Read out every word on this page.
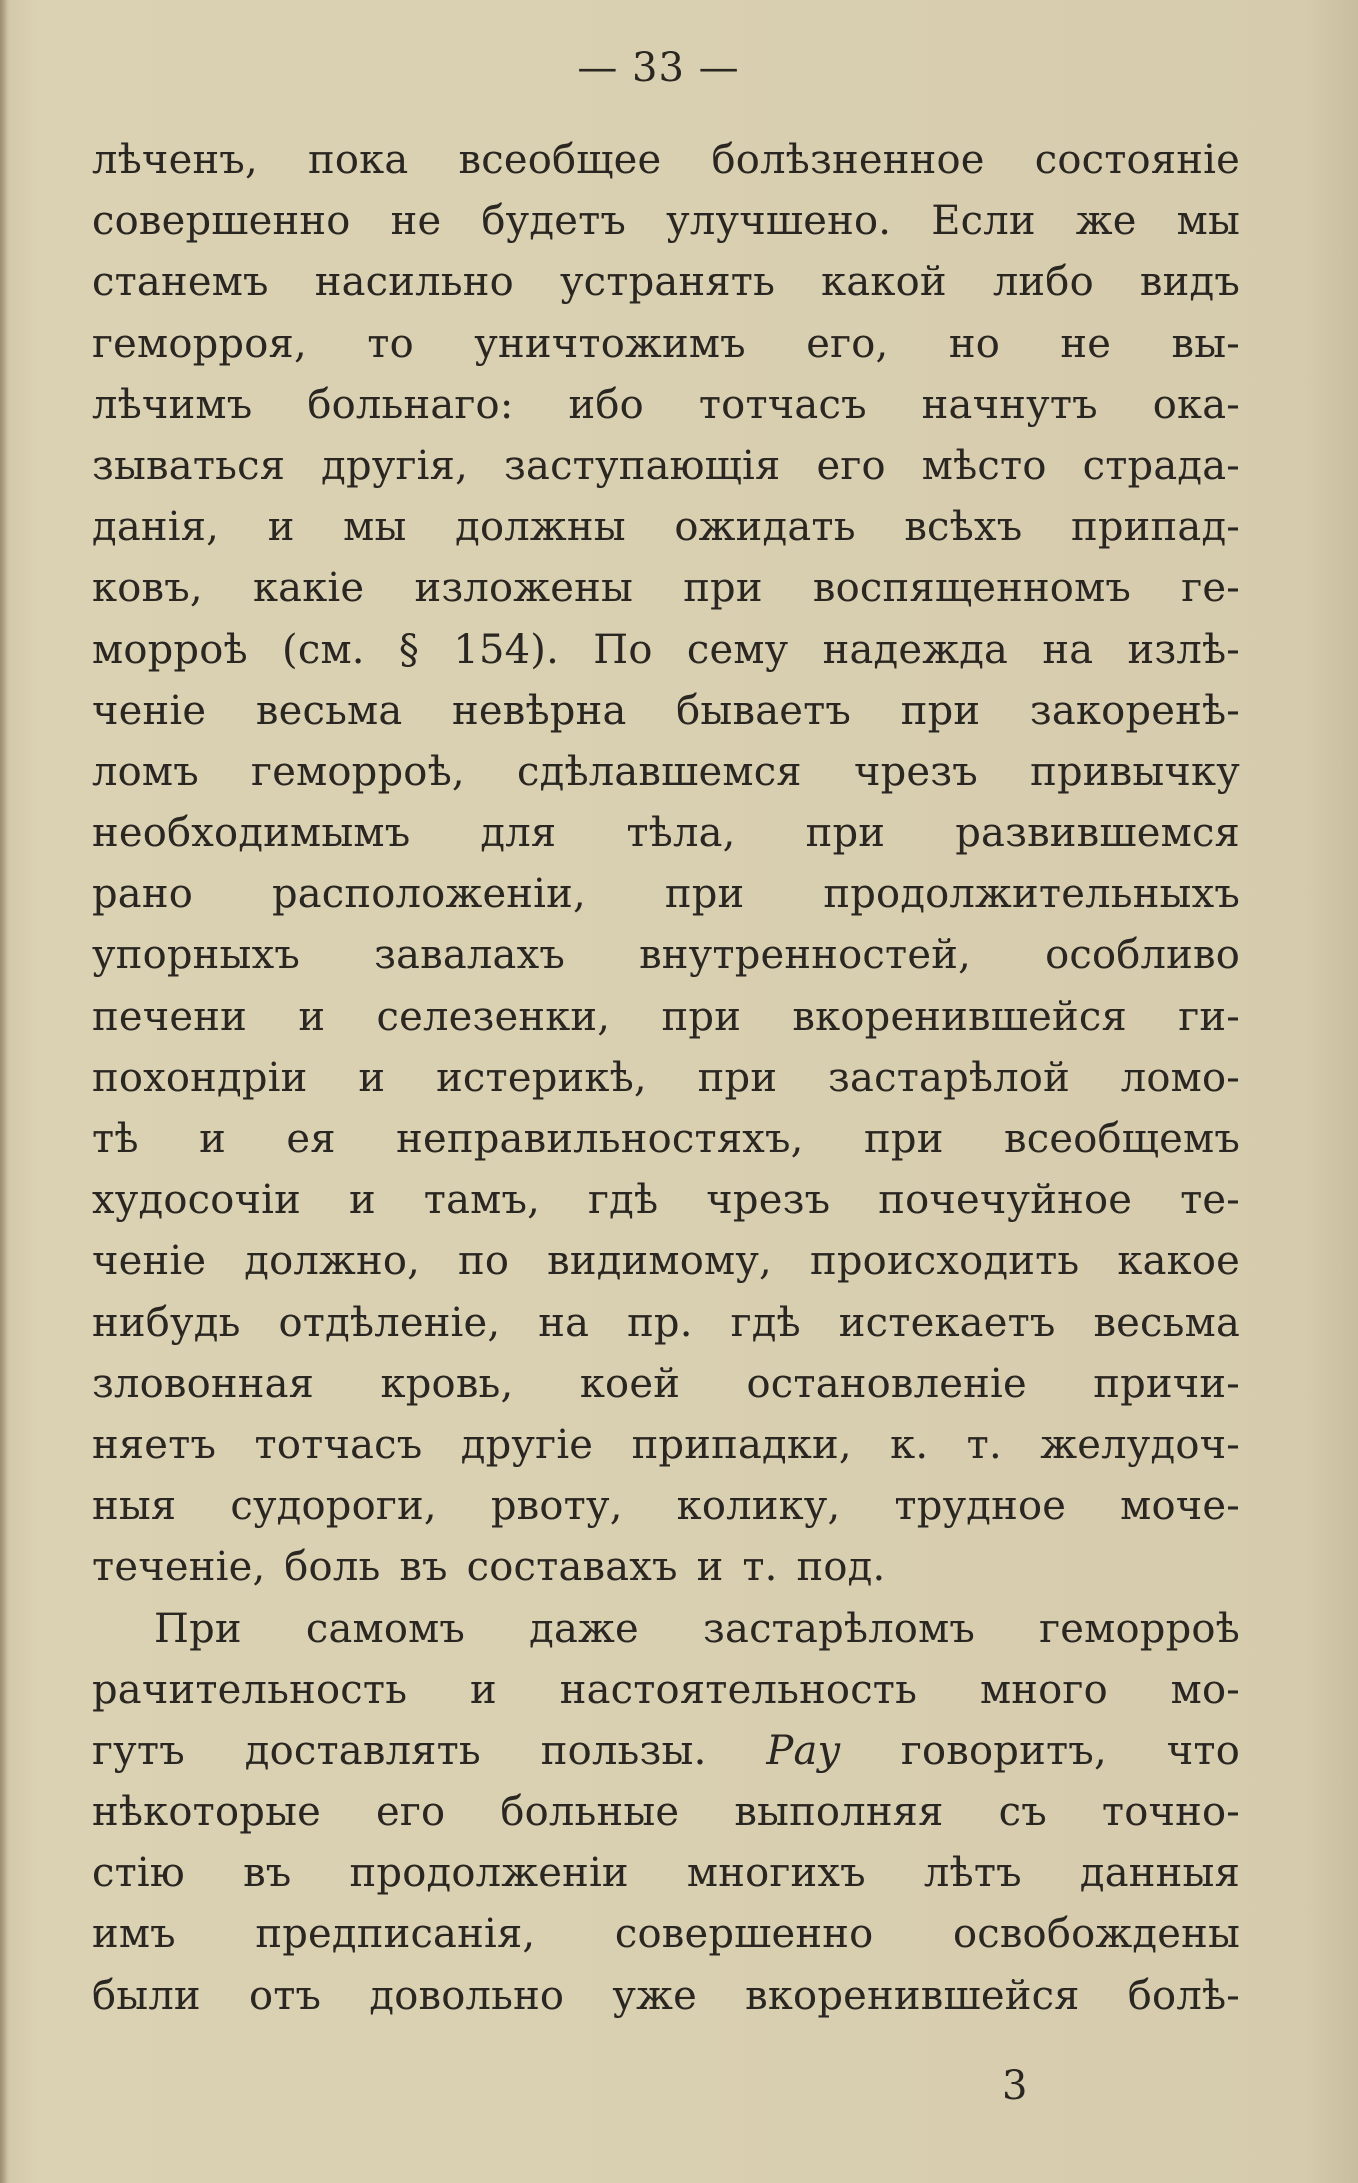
— 33 —
лѣченъ, пока всеобщее болѣзненное состояніе
совершенно не будетъ улучшено. Если же мы
станемъ насильно устранять какой либо видъ
геморроя, то уничтожимъ его, но не вы-
лѣчимъ больнаго: ибо тотчасъ начнутъ ока-
зываться другія, заступающія его мѣсто страда-
данія, и мы должны ожидать всѣхъ припад-
ковъ, какіе изложены при воспященномъ ге-
морроѣ (см. § 154). По сему надежда на излѣ-
ченіе весьма невѣрна бываетъ при закоренѣ-
ломъ геморроѣ, сдѣлавшемся чрезъ привычку
необходимымъ для тѣла, при развившемся
рано расположеніи, при продолжительныхъ
упорныхъ завалахъ внутренностей, особливо
печени и селезенки, при вкоренившейся ги-
похондріи и истерикѣ, при застарѣлой ломо-
тѣ и ея неправильностяхъ, при всеобщемъ
худосочіи и тамъ, гдѣ чрезъ почечуйное те-
ченіе должно, по видимому, происходить какое
нибудь отдѣленіе, на пр. гдѣ истекаетъ весьма
зловонная кровь, коей остановленіе причи-
няетъ тотчасъ другіе припадки, к. т. желудоч-
ныя судороги, рвоту, колику, трудное моче-
теченіе, боль въ составахъ и т. под.
При самомъ даже застарѣломъ геморроѣ
рачительность и настоятельность много мо-
гутъ доставлять пользы. Рау говоритъ, что
нѣкоторые его больные выполняя съ точно-
стію въ продолженіи многихъ лѣтъ данныя
имъ предписанія, совершенно освобождены
были отъ довольно уже вкоренившейся болѣ-
3
